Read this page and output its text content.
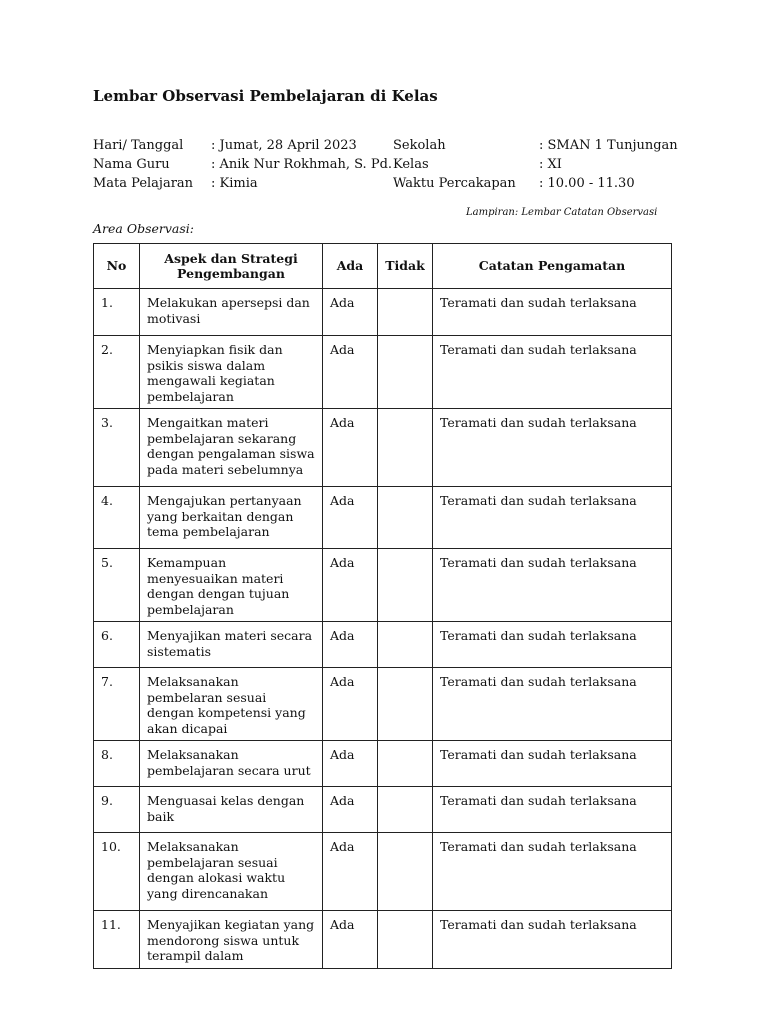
Lembar Observasi Pembelajaran di Kelas
Hari/ Tanggal : Jumat, 28 April 2023	Sekolah	: SMAN 1 Tunjungan
Nama Guru	: Anik Nur Rokhmah, S. Pd. Kelas	: XI
Mata Pelajaran : Kimia	Waktu Percakapan : 10.00 - 11.30
Lampiran: Lembar Catatan Observasi
Area Observasi:
No	Aspek dan Strategi Pengembangan	Ada	Tidak	Catatan Pengamatan
1.	Melakukan apersepsi dan motivasi	Ada		Teramati dan sudah terlaksana
2.	Menyiapkan fisik dan psikis siswa dalam mengawali kegiatan pembelajaran	Ada		Teramati dan sudah terlaksana
3.	Mengaitkan materi pembelajaran sekarang dengan pengalaman siswa pada materi sebelumnya	Ada		Teramati dan sudah terlaksana
4.	Mengajukan pertanyaan yang berkaitan dengan tema pembelajaran	Ada		Teramati dan sudah terlaksana
5.	Kemampuan menyesuaikan materi dengan dengan tujuan pembelajaran	Ada		Teramati dan sudah terlaksana
6.	Menyajikan materi secara sistematis	Ada		Teramati dan sudah terlaksana
7.	Melaksanakan pembelaran sesuai dengan kompetensi yang akan dicapai	Ada		Teramati dan sudah terlaksana
8.	Melaksanakan pembelajaran secara urut	Ada		Teramati dan sudah terlaksana
9.	Menguasai kelas dengan baik	Ada		Teramati dan sudah terlaksana
10.	Melaksanakan pembelajaran sesuai dengan alokasi waktu yang direncanakan	Ada		Teramati dan sudah terlaksana
11.	Menyajikan kegiatan yang mendorong siswa untuk terampil dalam	Ada		Teramati dan sudah terlaksana
